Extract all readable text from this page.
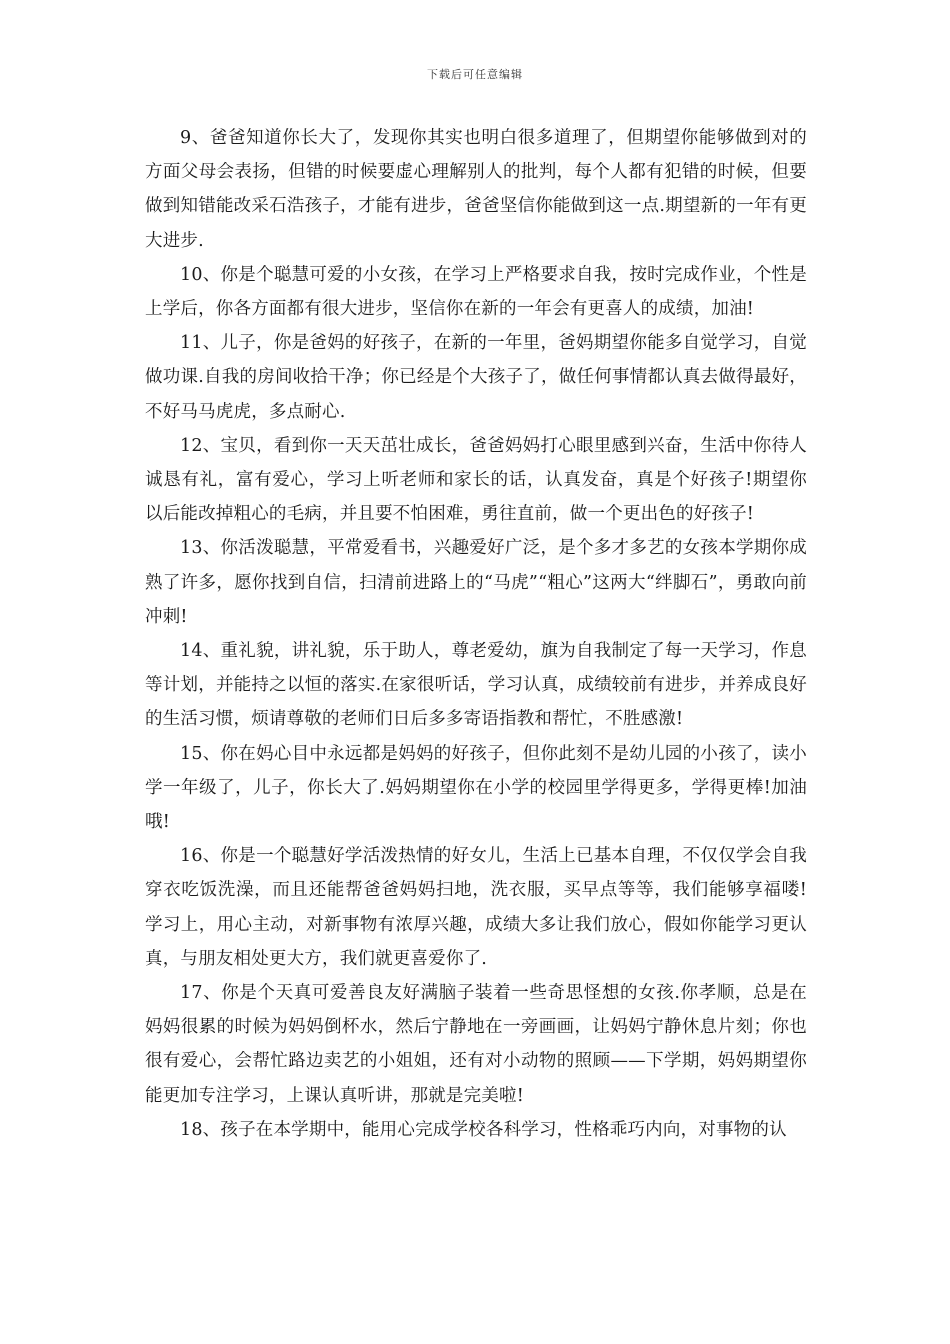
下载后可任意编辑

9、爸爸知道你长大了，发现你其实也明白很多道理了，但期望你能够做到对的方面父母会表扬，但错的时候要虚心理解别人的批判，每个人都有犯错的时候，但要做到知错能改采石浩孩子，才能有进步，爸爸坚信你能做到这一点.期望新的一年有更大进步.

10、你是个聪慧可爱的小女孩，在学习上严格要求自我，按时完成作业，个性是上学后，你各方面都有很大进步，坚信你在新的一年会有更喜人的成绩，加油!

11、儿子，你是爸妈的好孩子，在新的一年里，爸妈期望你能多自觉学习，自觉做功课.自我的房间收拾干净；你已经是个大孩子了，做任何事情都认真去做得最好，不好马马虎虎，多点耐心.

12、宝贝，看到你一天天茁壮成长，爸爸妈妈打心眼里感到兴奋，生活中你待人诚恳有礼，富有爱心，学习上听老师和家长的话，认真发奋，真是个好孩子!期望你以后能改掉粗心的毛病，并且要不怕困难，勇往直前，做一个更出色的好孩子!

13、你活泼聪慧，平常爱看书，兴趣爱好广泛，是个多才多艺的女孩本学期你成熟了许多，愿你找到自信，扫清前进路上的“马虎”“粗心”这两大“绊脚石”，勇敢向前冲刺!

14、重礼貌，讲礼貌，乐于助人，尊老爱幼，旗为自我制定了每一天学习，作息等计划，并能持之以恒的落实.在家很听话，学习认真，成绩较前有进步，并养成良好的生活习惯，烦请尊敬的老师们日后多多寄语指教和帮忙，不胜感激!

15、你在妈心目中永远都是妈妈的好孩子，但你此刻不是幼儿园的小孩了，读小学一年级了，儿子，你长大了.妈妈期望你在小学的校园里学得更多，学得更棒!加油哦!

16、你是一个聪慧好学活泼热情的好女儿，生活上已基本自理，不仅仅学会自我穿衣吃饭洗澡，而且还能帮爸爸妈妈扫地，洗衣服，买早点等等，我们能够享福喽!学习上，用心主动，对新事物有浓厚兴趣，成绩大多让我们放心，假如你能学习更认真，与朋友相处更大方，我们就更喜爱你了.

17、你是个天真可爱善良友好满脑子装着一些奇思怪想的女孩.你孝顺，总是在妈妈很累的时候为妈妈倒杯水，然后宁静地在一旁画画，让妈妈宁静休息片刻；你也很有爱心，会帮忙路边卖艺的小姐姐，还有对小动物的照顾——下学期，妈妈期望你能更加专注学习，上课认真听讲，那就是完美啦!

18、孩子在本学期中，能用心完成学校各科学习，性格乖巧内向，对事物的认
